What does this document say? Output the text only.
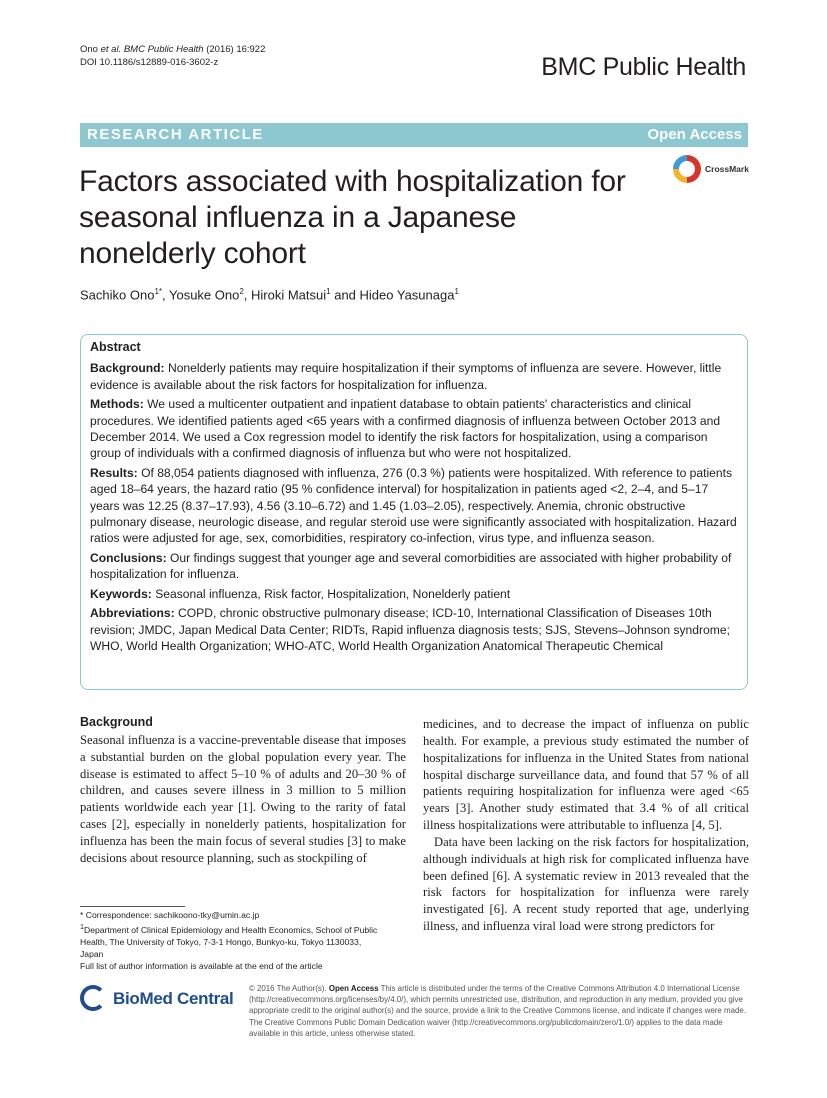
Ono et al. BMC Public Health (2016) 16:922
DOI 10.1186/s12889-016-3602-z	BMC Public Health
RESEARCH ARTICLE	Open Access
Factors associated with hospitalization for seasonal influenza in a Japanese nonelderly cohort
CrossMark
Sachiko Ono$^{1*}$, Yosuke Ono$^2$, Hiroki Matsui$^1$ and Hideo Yasunaga$^1$
Abstract

Background: Nonelderly patients may require hospitalization if their symptoms of influenza are severe. However, little evidence is available about the risk factors for hospitalization for influenza.

Methods: We used a multicenter outpatient and inpatient database to obtain patients' characteristics and clinical procedures. We identified patients aged <65 years with a confirmed diagnosis of influenza between October 2013 and December 2014. We used a Cox regression model to identify the risk factors for hospitalization, using a comparison group of individuals with a confirmed diagnosis of influenza but who were not hospitalized.

Results: Of 88,054 patients diagnosed with influenza, 276 (0.3 %) patients were hospitalized. With reference to patients aged 18–64 years, the hazard ratio (95 % confidence interval) for hospitalization in patients aged <2, 2–4, and 5–17 years was 12.25 (8.37–17.93), 4.56 (3.10–6.72) and 1.45 (1.03–2.05), respectively. Anemia, chronic obstructive pulmonary disease, neurologic disease, and regular steroid use were significantly associated with hospitalization. Hazard ratios were adjusted for age, sex, comorbidities, respiratory co-infection, virus type, and influenza season.

Conclusions: Our findings suggest that younger age and several comorbidities are associated with higher probability of hospitalization for influenza.

Keywords: Seasonal influenza, Risk factor, Hospitalization, Nonelderly patient

Abbreviations: COPD, chronic obstructive pulmonary disease; ICD-10, International Classification of Diseases 10th revision; JMDC, Japan Medical Data Center; RIDTs, Rapid influenza diagnosis tests; SJS, Stevens–Johnson syndrome; WHO, World Health Organization; WHO-ATC, World Health Organization Anatomical Therapeutic Chemical

Background

Seasonal influenza is a vaccine-preventable disease that imposes a substantial burden on the global population every year. The disease is estimated to affect 5–10 % of adults and 20–30 % of children, and causes severe illness in 3 million to 5 million patients worldwide each year [1]. Owing to the rarity of fatal cases [2], especially in nonelderly patients, hospitalization for influenza has been the main focus of several studies [3] to make decisions about resource planning, such as stockpiling of

medicines, and to decrease the impact of influenza on public health. For example, a previous study estimated the number of hospitalizations for influenza in the United States from national hospital discharge surveillance data, and found that 57 % of all patients requiring hospitalization for influenza were aged <65 years [3]. Another study estimated that 3.4 % of all critical illness hospitalizations were attributable to influenza [4, 5].

Data have been lacking on the risk factors for hospitalization, although individuals at high risk for complicated influenza have been defined [6]. A systematic review in 2013 revealed that the risk factors for hospitalization for influenza were rarely investigated [6]. A recent study reported that age, underlying illness, and influenza viral load were strong predictors for

* Correspondence: sachikoono-tky@umin.ac.jp

$^1$Department of Clinical Epidemiology and Health Economics, School of Public Health, The University of Tokyo, 7-3-1 Hongo, Bunkyo-ku, Tokyo 1130033, Japan

Full list of author information is available at the end of the article

BioMed Central
© 2016 The Author(s). Open Access This article is distributed under the terms of the Creative Commons Attribution 4.0 International License (http://creativecommons.org/licenses/by/4.0/), which permits unrestricted use, distribution, and reproduction in any medium, provided you give appropriate credit to the original author(s) and the source, provide a link to the Creative Commons license, and indicate if changes were made. The Creative Commons Public Domain Dedication waiver (http://creativecommons.org/publicdomain/zero/1.0/) applies to the data made available in this article, unless otherwise stated.
